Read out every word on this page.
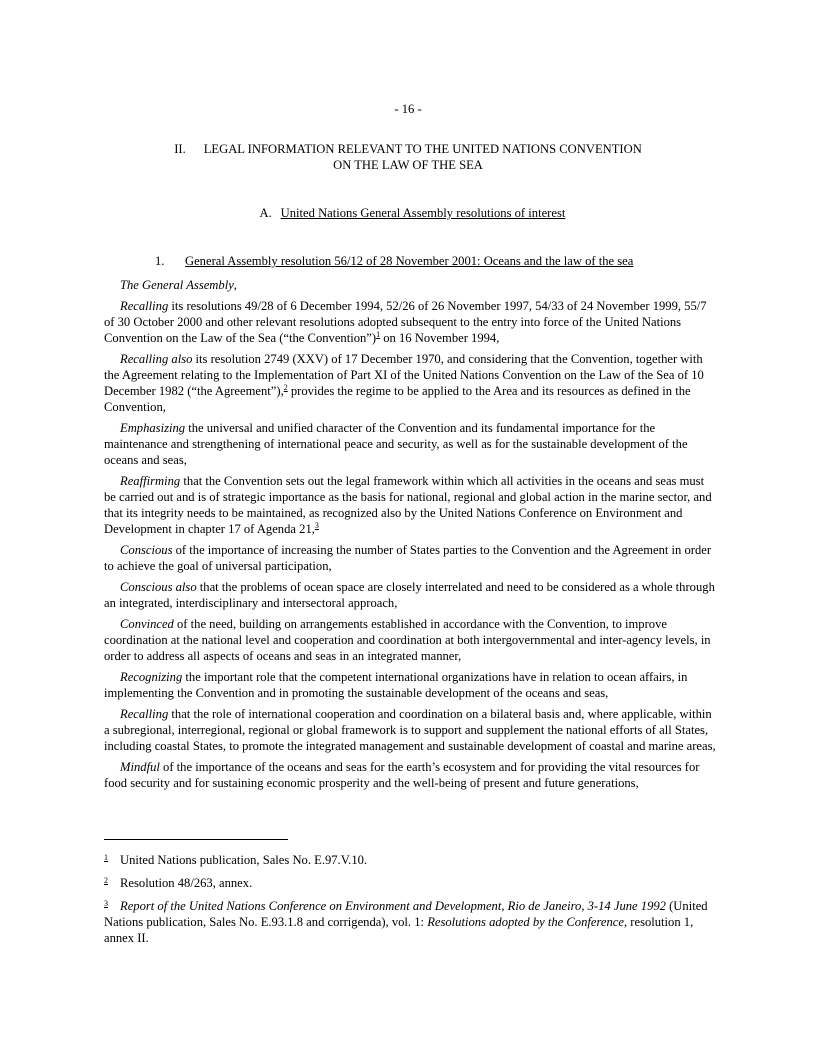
- 16 -
II. LEGAL INFORMATION RELEVANT TO THE UNITED NATIONS CONVENTION
ON THE LAW OF THE SEA
A. United Nations General Assembly resolutions of interest
1. General Assembly resolution 56/12 of 28 November 2001: Oceans and the law of the sea

The General Assembly,

Recalling its resolutions 49/28 of 6 December 1994, 52/26 of 26 November 1997, 54/33 of 24 November 1999, 55/7 of 30 October 2000 and other relevant resolutions adopted subsequent to the entry into force of the United Nations Convention on the Law of the Sea (“the Convention”)$^1$ on 16 November 1994,

Recalling also its resolution 2749 (XXV) of 17 December 1970, and considering that the Convention, together with the Agreement relating to the Implementation of Part XI of the United Nations Convention on the Law of the Sea of 10 December 1982 (“the Agreement”),$^2$ provides the regime to be applied to the Area and its resources as defined in the Convention,

Emphasizing the universal and unified character of the Convention and its fundamental importance for the maintenance and strengthening of international peace and security, as well as for the sustainable development of the oceans and seas,

Reaffirming that the Convention sets out the legal framework within which all activities in the oceans and seas must be carried out and is of strategic importance as the basis for national, regional and global action in the marine sector, and that its integrity needs to be maintained, as recognized also by the United Nations Conference on Environment and Development in chapter 17 of Agenda 21,$^3$

Conscious of the importance of increasing the number of States parties to the Convention and the Agreement in order to achieve the goal of universal participation,

Conscious also that the problems of ocean space are closely interrelated and need to be considered as a whole through an integrated, interdisciplinary and intersectoral approach,

Convinced of the need, building on arrangements established in accordance with the Convention, to improve coordination at the national level and cooperation and coordination at both intergovernmental and inter-agency levels, in order to address all aspects of oceans and seas in an integrated manner,

Recognizing the important role that the competent international organizations have in relation to ocean affairs, in implementing the Convention and in promoting the sustainable development of the oceans and seas,

Recalling that the role of international cooperation and coordination on a bilateral basis and, where applicable, within a subregional, interregional, regional or global framework is to support and supplement the national efforts of all States, including coastal States, to promote the integrated management and sustainable development of coastal and marine areas,

Mindful of the importance of the oceans and seas for the earth’s ecosystem and for providing the vital resources for food security and for sustaining economic prosperity and the well-being of present and future generations,

1 United Nations publication, Sales No. E.97.V.10.
2 Resolution 48/263, annex.
3 Report of the United Nations Conference on Environment and Development, Rio de Janeiro, 3-14 June 1992 (United Nations publication, Sales No. E.93.1.8 and corrigenda), vol. 1: Resolutions adopted by the Conference, resolution 1, annex II.
